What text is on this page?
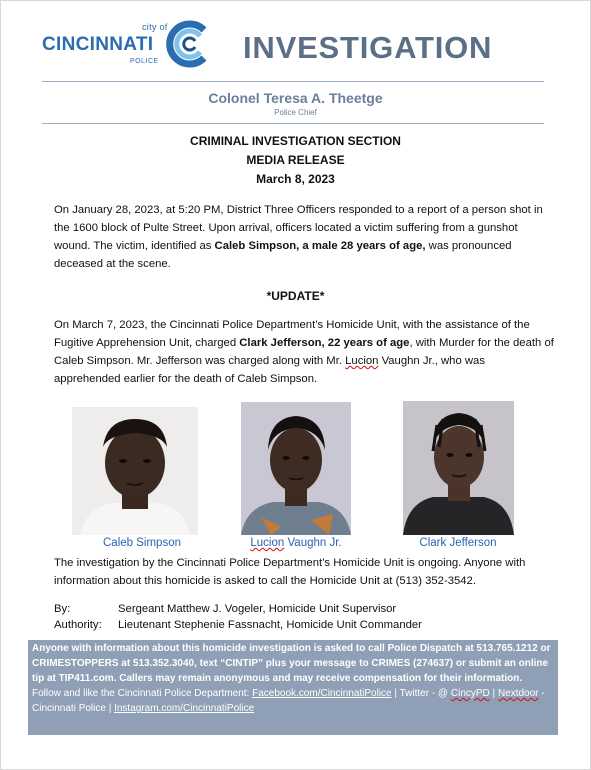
city of
CINCINNATI
POLICE	INVESTIGATION
Colonel Teresa A. Theetge
Police Chief
CRIMINAL INVESTIGATION SECTION
MEDIA RELEASE
March 8, 2023
On January 28, 2023, at 5:20 PM, District Three Officers responded to a report of a person shot in the 1600 block of Pulte Street. Upon arrival, officers located a victim suffering from a gunshot wound. The victim, identified as Caleb Simpson, a male 28 years of age, was pronounced deceased at the scene.
*UPDATE*
On March 7, 2023, the Cincinnati Police Department’s Homicide Unit, with the assistance of the Fugitive Apprehension Unit, charged Clark Jefferson, 22 years of age, with Murder for the death of Caleb Simpson. Mr. Jefferson was charged along with Mr. Lucion Vaughn Jr., who was apprehended earlier for the death of Caleb Simpson.
Caleb Simpson	Lucion Vaughn Jr.	Clark Jefferson
The investigation by the Cincinnati Police Department’s Homicide Unit is ongoing. Anyone with information about this homicide is asked to call the Homicide Unit at (513) 352-3542.
By:	Sergeant Matthew J. Vogeler, Homicide Unit Supervisor
Authority: Lieutenant Stephenie Fassnacht, Homicide Unit Commander
Anyone with information about this homicide investigation is asked to call Police Dispatch at 513.765.1212 or CRIMESTOPPERS at 513.352.3040, text “CINTIP” plus your message to CRIMES (274637) or submit an online tip at TIP411.com. Callers may remain anonymous and may receive compensation for their information.
Follow and like the Cincinnati Police Department: Facebook.com/CincinnatiPolice | Twitter - @ CincyPD | Nextdoor - Cincinnati Police | Instagram.com/CincinnatiPolice
